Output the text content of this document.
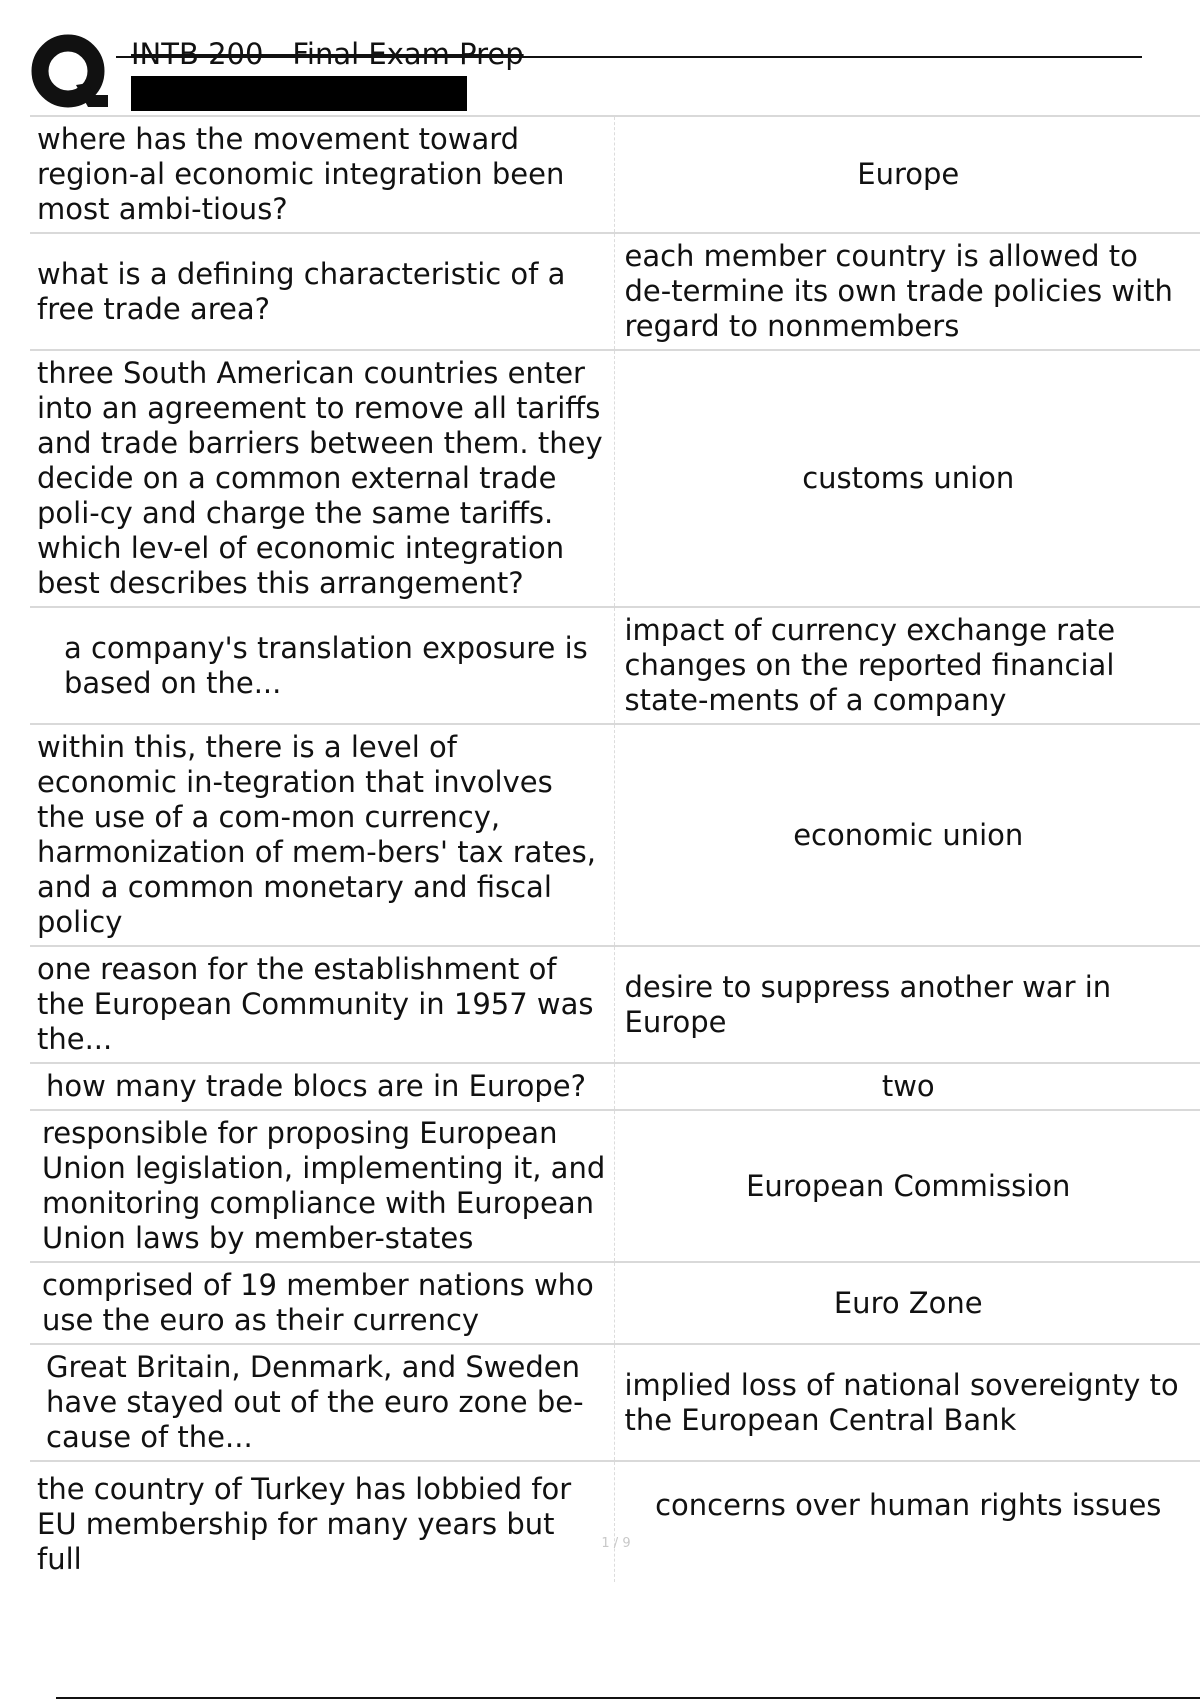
INTB 200 - Final Exam Prep
where has the movement toward region-al economic integration been most ambi-tious?	Europe
what is a defining characteristic of a free trade area?	each member country is allowed to de-termine its own trade policies with regard to nonmembers
three South American countries enter into an agreement to remove all tariffs and trade barriers between them. they decide on a common external trade poli-cy and charge the same tariffs. which lev-el of economic integration best describes this arrangement?	customs union
a company's translation exposure is based on the...	impact of currency exchange rate changes on the reported financial state-ments of a company
within this, there is a level of economic in-tegration that involves the use of a com-mon currency, harmonization of mem-bers' tax rates, and a common monetary and fiscal policy	economic union
one reason for the establishment of the European Community in 1957 was the...	desire to suppress another war in Europe
how many trade blocs are in Europe?	two
responsible for proposing European Union legislation, implementing it, and monitoring compliance with European Union laws by member-states	European Commission
comprised of 19 member nations who use the euro as their currency	Euro Zone
Great Britain, Denmark, and Sweden have stayed out of the euro zone be-cause of the...	implied loss of national sovereignty to the European Central Bank
the country of Turkey has lobbied for EU membership for many years but full	concerns over human rights issues
1 / 9
